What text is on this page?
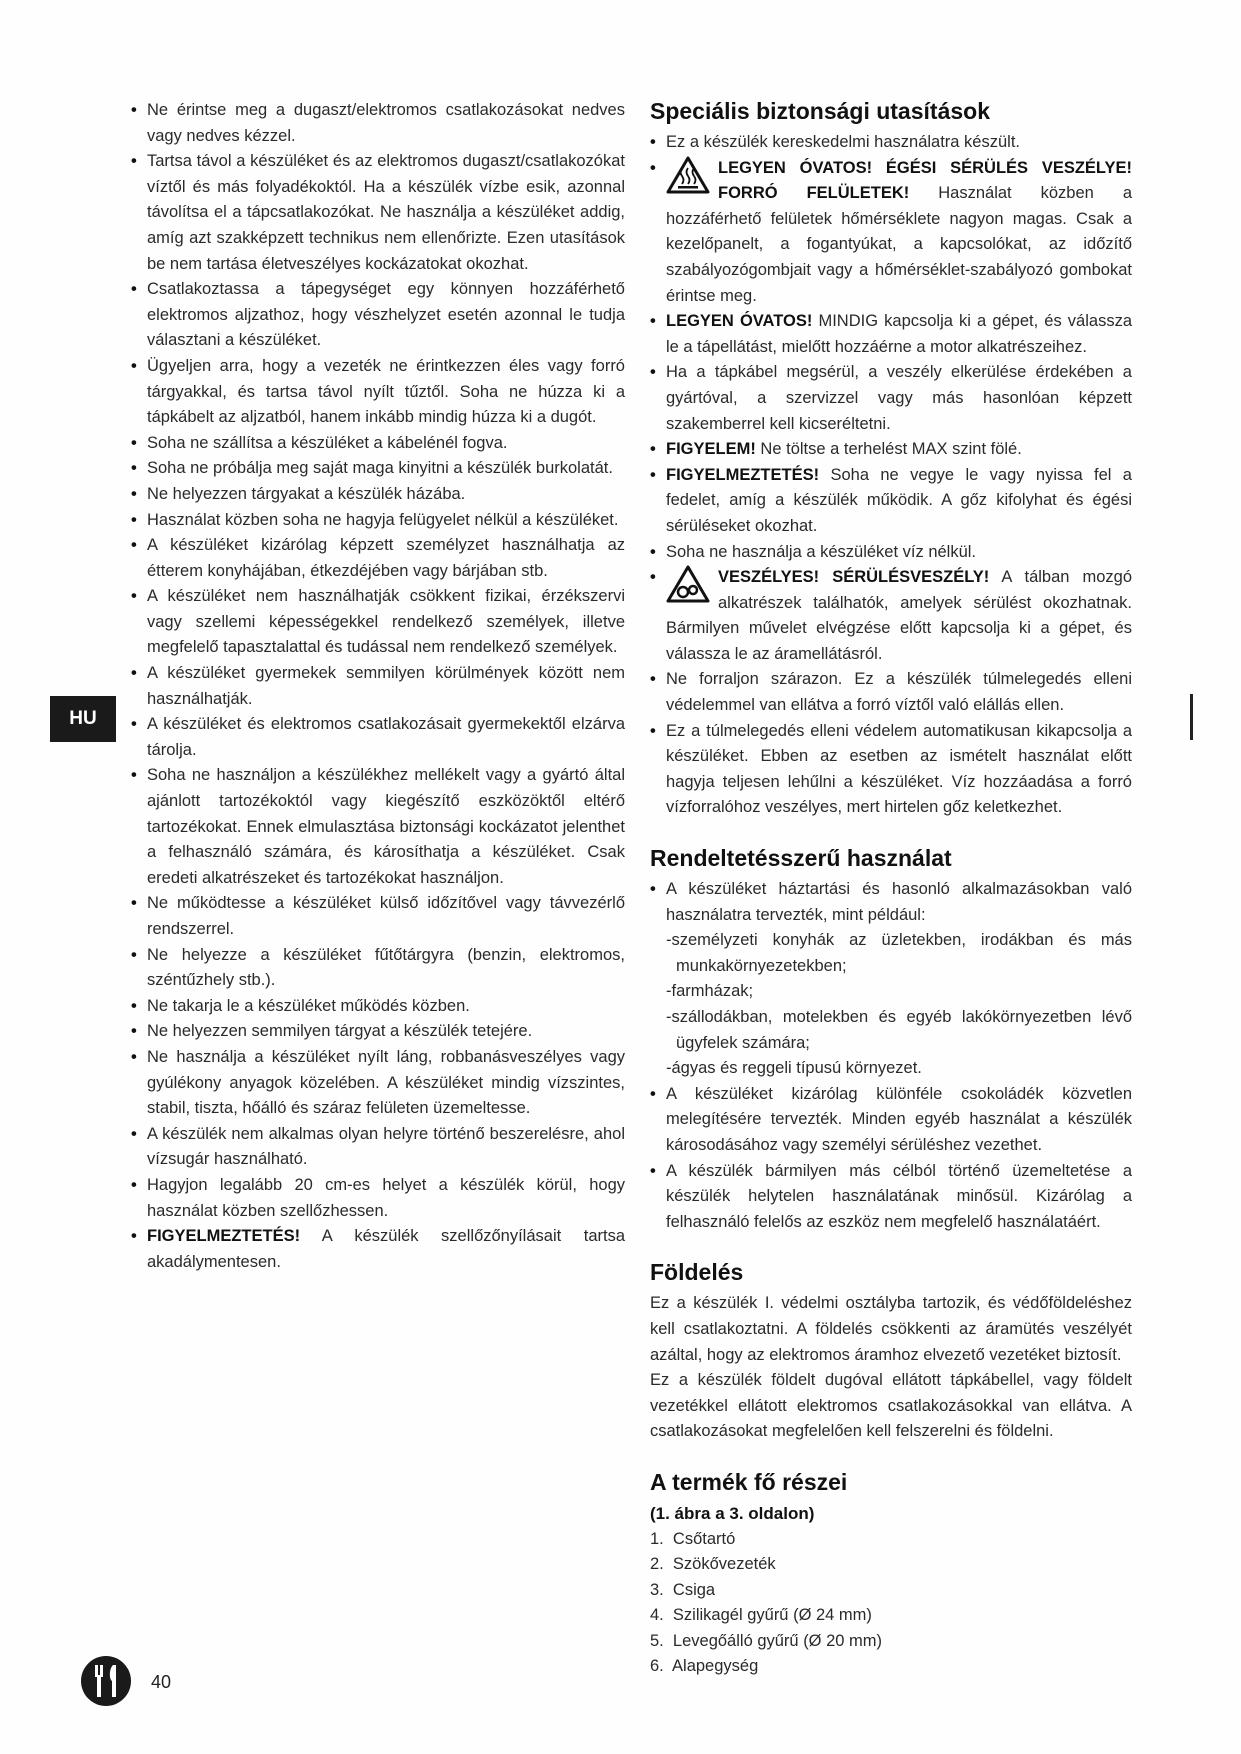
HU

• Ne érintse meg a dugaszt/elektromos csatlakozásokat nedves vagy nedves kézzel.

• Tartsa távol a készüléket és az elektromos dugaszt/csatlakozókat víztől és más folyadékoktól. Ha a készülék vízbe esik, azonnal távolítsa el a tápcsatlakozókat. Ne használja a készüléket addig, amíg azt szakképzett technikus nem ellenőrizte. Ezen utasítások be nem tartása életveszélyes kockázatokat okozhat.

• Csatlakoztassa a tápegységet egy könnyen hozzáférhető elektromos aljzathoz, hogy vészhelyzet esetén azonnal le tudja választani a készüléket.

• Ügyeljen arra, hogy a vezeték ne érintkezzen éles vagy forró tárgyakkal, és tartsa távol nyílt tűztől. Soha ne húzza ki a tápkábelt az aljzatból, hanem inkább mindig húzza ki a dugót.

• Soha ne szállítsa a készüléket a kábelénél fogva.

• Soha ne próbálja meg saját maga kinyitni a készülék burkolatát.

• Ne helyezzen tárgyakat a készülék házába.

• Használat közben soha ne hagyja felügyelet nélkül a készüléket.

• A készüléket kizárólag képzett személyzet használhatja az étterem konyhájában, étkezdéjében vagy bárjában stb.

• A készüléket nem használhatják csökkent fizikai, érzékszervi vagy szellemi képességekkel rendelkező személyek, illetve megfelelő tapasztalattal és tudással nem rendelkező személyek.

• A készüléket gyermekek semmilyen körülmények között nem használhatják.

• A készüléket és elektromos csatlakozásait gyermekektől elzárva tárolja.

• Soha ne használjon a készülékhez mellékelt vagy a gyártó által ajánlott tartozékoktól vagy kiegészítő eszközöktől eltérő tartozékokat. Ennek elmulasztása biztonsági kockázatot jelenthet a felhasználó számára, és károsíthatja a készüléket. Csak eredeti alkatrészeket és tartozékokat használjon.

• Ne működtesse a készüléket külső időzítővel vagy távvezérlő rendszerrel.

• Ne helyezze a készüléket fűtőtárgyra (benzin, elektromos, széntűzhely stb.).

• Ne takarja le a készüléket működés közben.

• Ne helyezzen semmilyen tárgyat a készülék tetejére.

• Ne használja a készüléket nyílt láng, robbanásveszélyes vagy gyúlékony anyagok közelében. A készüléket mindig vízszintes, stabil, tiszta, hőálló és száraz felületen üzemeltesse.

• A készülék nem alkalmas olyan helyre történő beszerelésre, ahol vízsugár használható.

• Hagyjon legalább 20 cm-es helyet a készülék körül, hogy használat közben szellőzhessen.

• FIGYELMEZTETÉS! A készülék szellőzőnyílásait tartsa akadálymentesen.

Speciális biztonsági utasítások

• Ez a készülék kereskedelmi használatra készült.

• LEGYEN ÓVATOS! ÉGÉSI SÉRÜLÉS VESZÉLYE! FORRÓ FELÜLETEK! Használat közben a hozzáférhető felületek hőmérséklete nagyon magas. Csak a kezelőpanelt, a fogantyúkat, a kapcsolókat, az időzítő szabályozógombjait vagy a hőmérséklet-szabályozó gombokat érintse meg.

• LEGYEN ÓVATOS! MINDIG kapcsolja ki a gépet, és válassza le a tápellátást, mielőtt hozzáérne a motor alkatrészeihez.

• Ha a tápkábel megsérül, a veszély elkerülése érdekében a gyártóval, a szervizzel vagy más hasonlóan képzett szakemberrel kell kicseréltetni.

• FIGYELEM! Ne töltse a terhelést MAX szint fölé.

• FIGYELMEZTETÉS! Soha ne vegye le vagy nyissa fel a fedelet, amíg a készülék működik. A gőz kifolyhat és égési sérüléseket okozhat.

• Soha ne használja a készüléket víz nélkül.

• VESZÉLYES! SÉRÜLÉSVESZÉLY! A tálban mozgó alkatrészek találhatók, amelyek sérülést okozhatnak. Bármilyen művelet elvégzése előtt kapcsolja ki a gépet, és válassza le az áramellátásról.

• Ne forraljon szárazon. Ez a készülék túlmelegedés elleni védelemmel van ellátva a forró víztől való elállás ellen.

• Ez a túlmelegedés elleni védelem automatikusan kikapcsolja a készüléket. Ebben az esetben az ismételt használat előtt hagyja teljesen lehűlni a készüléket. Víz hozzáadása a forró vízforralóhoz veszélyes, mert hirtelen gőz keletkezhet.

Rendeltetésszerű használat

• A készüléket háztartási és hasonló alkalmazásokban való használatra tervezték, mint például:

-személyzeti konyhák az üzletekben, irodákban és más munkakörnyezetekben;

-farmházak;

-szállodákban, motelekben és egyéb lakókörnyezetben lévő ügyfelek számára;

-ágyas és reggeli típusú környezet.

• A készüléket kizárólag különféle csokoládék közvetlen melegítésére tervezték. Minden egyéb használat a készülék károsodásához vagy személyi sérüléshez vezethet.

• A készülék bármilyen más célból történő üzemeltetése a készülék helytelen használatának minősül. Kizárólag a felhasználó felelős az eszköz nem megfelelő használatáért.

Földelés

Ez a készülék I. védelmi osztályba tartozik, és védőföldeléshez kell csatlakoztatni. A földelés csökkenti az áramütés veszélyét azáltal, hogy az elektromos áramhoz elvezető vezetéket biztosít.

Ez a készülék földelt dugóval ellátott tápkábellel, vagy földelt vezetékkel ellátott elektromos csatlakozásokkal van ellátva. A csatlakozásokat megfelelően kell felszerelni és földelni.

A termék fő részei

(1. ábra a 3. oldalon)

1.  Csőtartó
2.  Szökővezeték
3.  Csiga
4.  Szilikagél gyűrű (Ø 24 mm)
5.  Levegőálló gyűrű (Ø 20 mm)
6.  Alapegység
40
